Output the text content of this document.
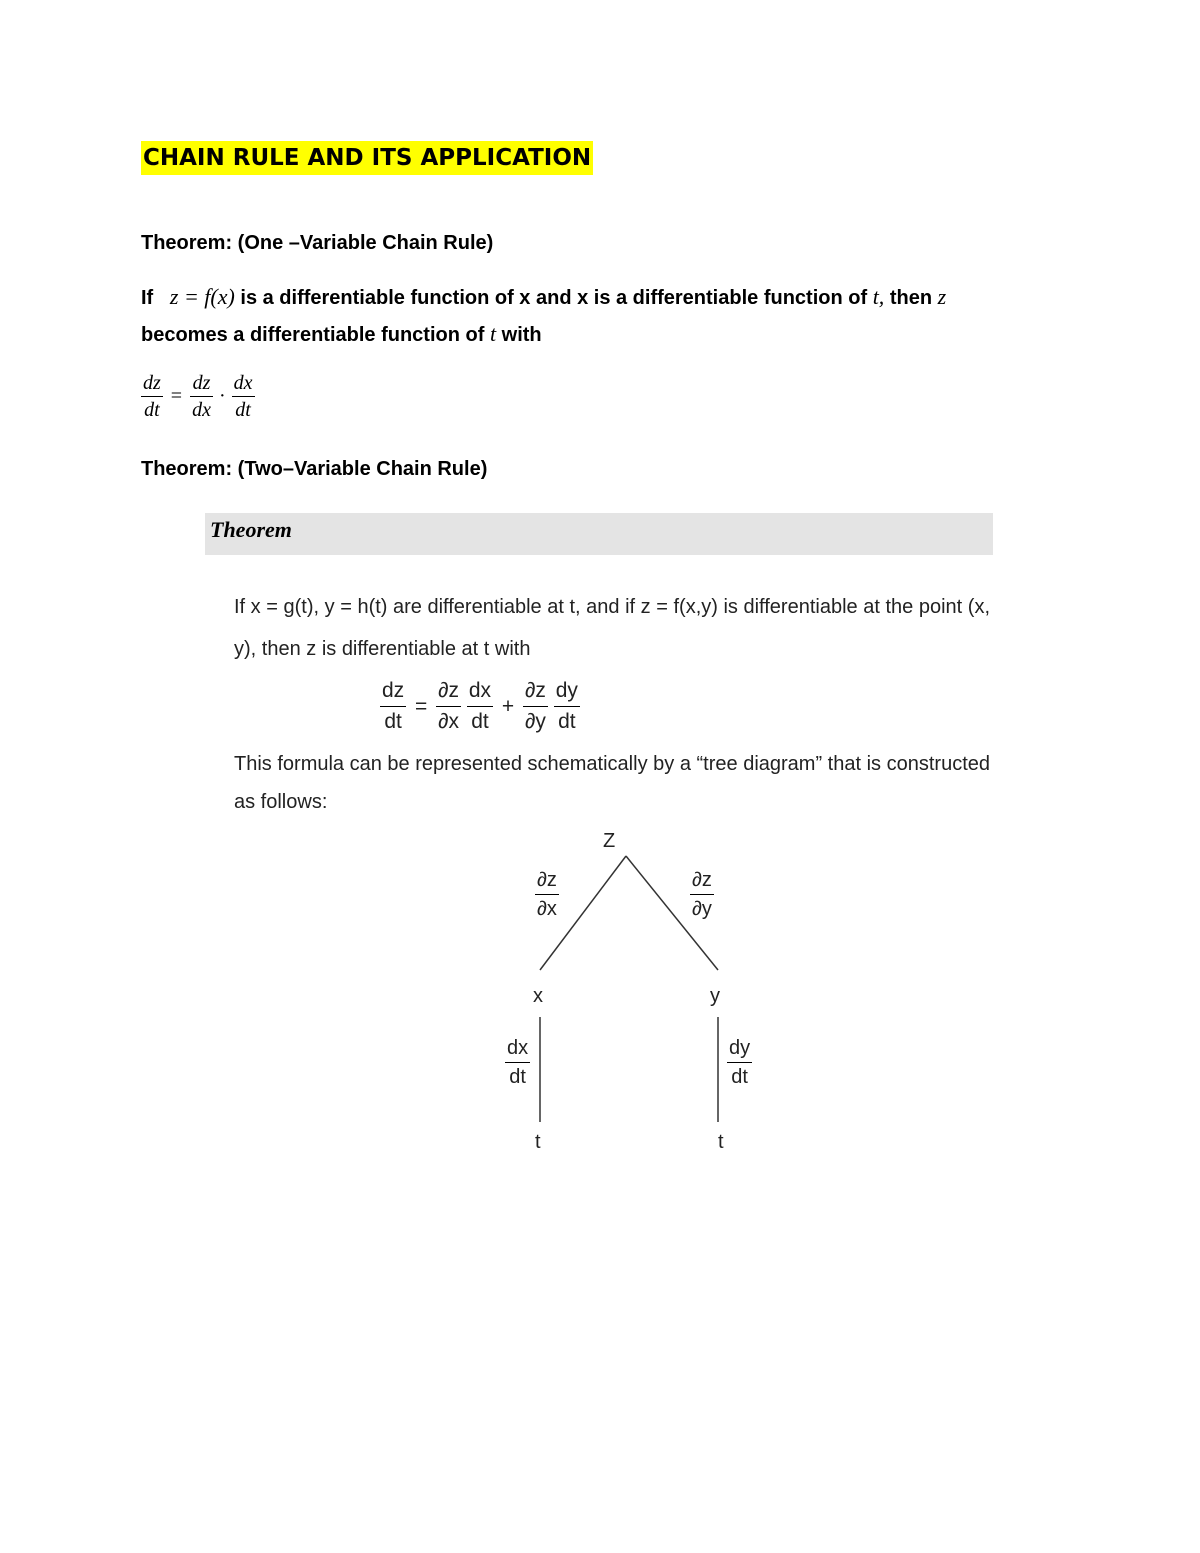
CHAIN RULE AND ITS APPLICATION
Theorem: (One –Variable Chain Rule)
If z = f(x) is a differentiable function of x and x is a differentiable function of t, then z becomes a differentiable function of t with
$\frac{dz}{dt} = \frac{dz}{dx} \cdot \frac{dx}{dt}$
Theorem: (Two–Variable Chain Rule)
Theorem
If x = g(t), y = h(t) are differentiable at t, and if z = f(x,y) is differentiable at the point (x, y), then z is differentiable at t with
$\frac{dz}{dt} = \frac{\partial z}{\partial x}$
$\frac{dx}{dt} + \frac{\partial z}{\partial y}$
$\frac{dy}{dt}$
This formula can be represented schematically by a “tree diagram” that is constructed as follows:
Z
x	y
t	t
$\frac{\partial z}{\partial x}$	$\frac{\partial z}{\partial y}$
$\frac{dx}{dt}$	$\frac{dy}{dt}$
